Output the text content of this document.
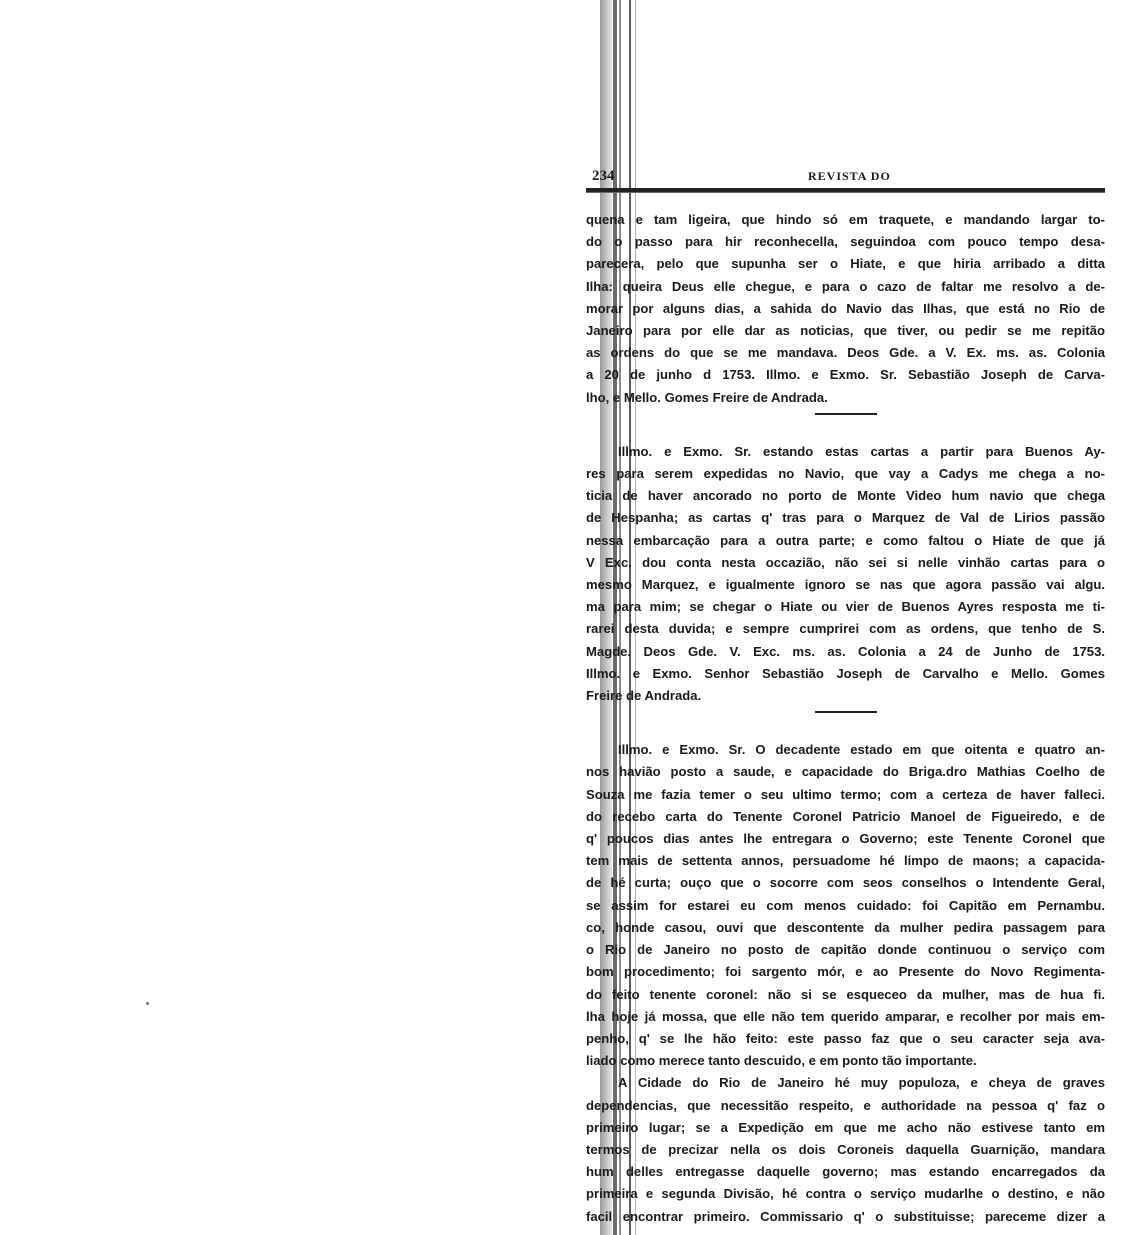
234	REVISTA DO
quena e tam ligeira, que hindo só em traquete, e mandando largar to-
do o passo para hir reconhecella, seguindoa com pouco tempo desa-
parecera, pelo que supunha ser o Hiate, e que hiria arribado a ditta
Ilha: queira Deus elle chegue, e para o cazo de faltar me resolvo a de-
morar por alguns dias, a sahida do Navio das Ilhas, que está no Rio de
Janeiro para por elle dar as noticias, que tiver, ou pedir se me repitão
as ordens do que se me mandava. Deos Gde. a V. Ex. ms. as. Colonia
a 20 de junho d 1753. Illmo. e Exmo. Sr. Sebastião Joseph de Carva-
lho, e Mello. Gomes Freire de Andrada.
Illmo. e Exmo. Sr. estando estas cartas a partir para Buenos Ay-
res para serem expedidas no Navio, que vay a Cadys me chega a no-
ticia de haver ancorado no porto de Monte Video hum navio que chega
de Hespanha; as cartas q' tras para o Marquez de Val de Lirios passão
nessa embarcação para a outra parte; e como faltou o Hiate de que já
V Exc. dou conta nesta occazião, não sei si nelle vinhão cartas para o
mesmo Marquez, e igualmente ignoro se nas que agora passão vai algu.
ma para mim; se chegar o Hiate ou vier de Buenos Ayres resposta me ti-
rarei desta duvida; e sempre cumprirei com as ordens, que tenho de S.
Magde. Deos Gde. V. Exc. ms. as. Colonia a 24 de Junho de 1753.
Illmo. e Exmo. Senhor Sebastião Joseph de Carvalho e Mello. Gomes
Freire de Andrada.
Illmo. e Exmo. Sr. O decadente estado em que oitenta e quatro an-
nos havião posto a saude, e capacidade do Briga.dro Mathias Coelho de
Souza me fazia temer o seu ultimo termo; com a certeza de haver falleci.
do recebo carta do Tenente Coronel Patricio Manoel de Figueiredo, e de
q' poucos dias antes lhe entregara o Governo; este Tenente Coronel que
tem mais de settenta annos, persuadome hé limpo de maons; a capacida-
de hé curta; ouço que o socorre com seos conselhos o Intendente Geral,
se assim for estarei eu com menos cuidado: foi Capitão em Pernambu.
co, honde casou, ouvi que descontente da mulher pedira passagem para
o Rio de Janeiro no posto de capitão donde continuou o serviço com
bom procedimento; foi sargento mór, e ao Presente do Novo Regimenta-
do feito tenente coronel: não si se esqueceo da mulher, mas de hua fi.
lha hoje já mossa, que elle não tem querido amparar, e recolher por mais em-
penho, q' se lhe hão feito: este passo faz que o seu caracter seja ava-
liado como merece tanto descuido, e em ponto tão importante.
A Cidade do Rio de Janeiro hé muy populoza, e cheya de graves
dependencias, que necessitão respeito, e authoridade na pessoa q' faz o
primeiro lugar; se a Expedição em que me acho não estivese tanto em
termos de precizar nella os dois Coroneis daquella Guarnição, mandara
hum delles entregasse daquelle governo; mas estando encarregados da
primeira e segunda Divisão, hé contra o serviço mudarlhe o destino, e não
facil encontrar primeiro. Commissario q' o substituisse; pareceme dizer a
